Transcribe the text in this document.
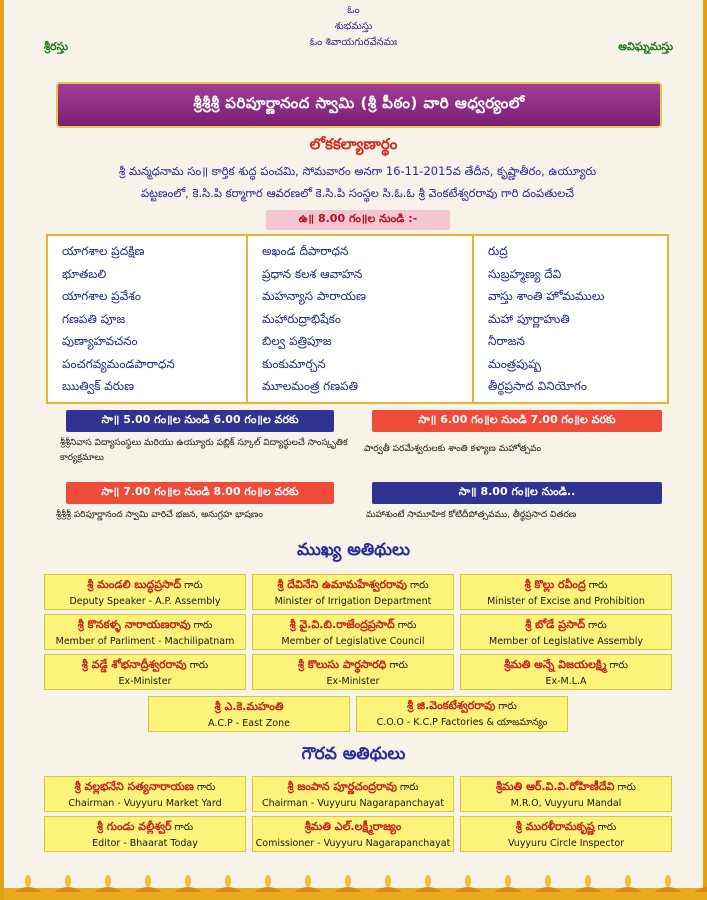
ఓం
శుభమస్తు
ఓం శివాయగురవేనమః
శ్రీరస్తు	అవిఘ్నమస్తు
శ్రీశ్రీశ్రీ పరిపూర్ణానంద స్వామి (శ్రీ పీఠం) వారి ఆధ్వర్యంలో
లోకకల్యాణార్థం
శ్రీ మన్మధనామ సం॥ కార్తిక శుద్ధ పంచమి, సోమవారం అనగా 16-11-2015వ తేదీన, కృష్ణాతీరం, ఉయ్యూరు
పట్టణంలో, కె.సి.పి కర్మాగార ఆవరణలో కె.సి.పి సంస్థల సి.ఓ.ఓ శ్రీ వెంకటేశ్వరరావు గారి దంపతులచే
ఉ॥ 8.00 గం॥ల నుండి :-
యాగశాల ప్రదక్షిణ
భూతబలి
యాగశాల ప్రవేశం
గణపతి పూజ
పుణ్యాహవచనం
పంచగవ్యమండపారాధన
ఋత్విక్ వరుణ
అఖండ దీపారాధన
ప్రధాన కలశ ఆవాహన
మహన్యాస పారాయణ
మహారుద్రాభిషేకం
బిల్వ పత్రిపూజ
కుంకుమార్చన
మూలమంత్ర గణపతి
రుద్ర
సుబ్రహ్మణ్య దేవి
వాస్తు శాంతి హోమములు
మహా పూర్ణాహుతి
నీరాజన
మంత్రపుష్ప
తీర్థప్రసాద వినియోగం
సా॥ 5.00 గం॥ల నుండి 6.00 గం॥ల వరకు
శ్రీశ్రీనివాస విద్యాసంస్థలు మరియు ఉయ్యూరు పబ్లిక్ స్కూల్ విద్యార్థులచే సాంస్కృతిక కార్యక్రమాలు
సా॥ 6.00 గం॥ల నుండి 7.00 గం॥ల వరకు
పార్వతీ పరమేశ్వరులకు శాంతి కళ్యాణ మహోత్సవం
సా॥ 7.00 గం॥ల నుండి 8.00 గం॥ల వరకు
శ్రీశ్రీశ్రీ పరిపూర్ణానంద స్వామి వారిచే భజన, అనుగ్రహ భాషణం
సా॥ 8.00 గం॥ల నుండి..
మహాశుంటే సామూహిక కోటిదీపోత్సవము, తీర్థప్రసాద వితరణ
ముఖ్య అతిథులు
శ్రీ మండలి బుద్ధప్రసాద్ గారు
Deputy Speaker - A.P. Assembly
శ్రీ దేవినేని ఉమామహేశ్వరరావు గారు
Minister of Irrigation Department
శ్రీ కొల్లు రవీంద్ర గారు
Minister of Excise and Prohibition
శ్రీ కొనకళ్ళ నారాయణరావు గారు
Member of Parliment - Machilipatnam
శ్రీ వై.వి.బి.రాజేంద్రప్రసాద్ గారు
Member of Legislative Council
శ్రీ బోడే ప్రసాద్ గారు
Member of Legislative Assembly
శ్రీ వడ్డే శోభనాద్రీశ్వరరావు గారు
Ex-Minister
శ్రీ కొలుసు పార్థసారధి గారు
Ex-Minister
శ్రీమతి అన్నే విజయలక్ష్మి గారు
Ex-M.L.A
శ్రీ ఎ.కె.మహంతి
A.C.P - East Zone
శ్రీ జి.వెంకటేశ్వరరావు గారు
C.O.O - K.C.P Factories & యాజమాన్యం
గౌరవ అతిథులు
శ్రీ వల్లభనేని సత్యనారాయణ గారు
Chairman - Vuyyuru Market Yard
శ్రీ జంపాన పూర్ణచంద్రరావు గారు
Chairman - Vuyyuru Nagarapanchayat
శ్రీమతి ఆర్.వి.వి.రోహిణీదేవి గారు
M.R.O, Vuyyuru Mandal
శ్రీ గుండు వల్లీశ్వర్ గారు
Editor - Bhaarat Today
శ్రీమతి ఎల్.లక్ష్మీరాజ్యం
Comissioner - Vuyyuru Nagarapanchayat
శ్రీ మురళీరామకృష్ణ గారు
Vuyyuru Circle Inspector
